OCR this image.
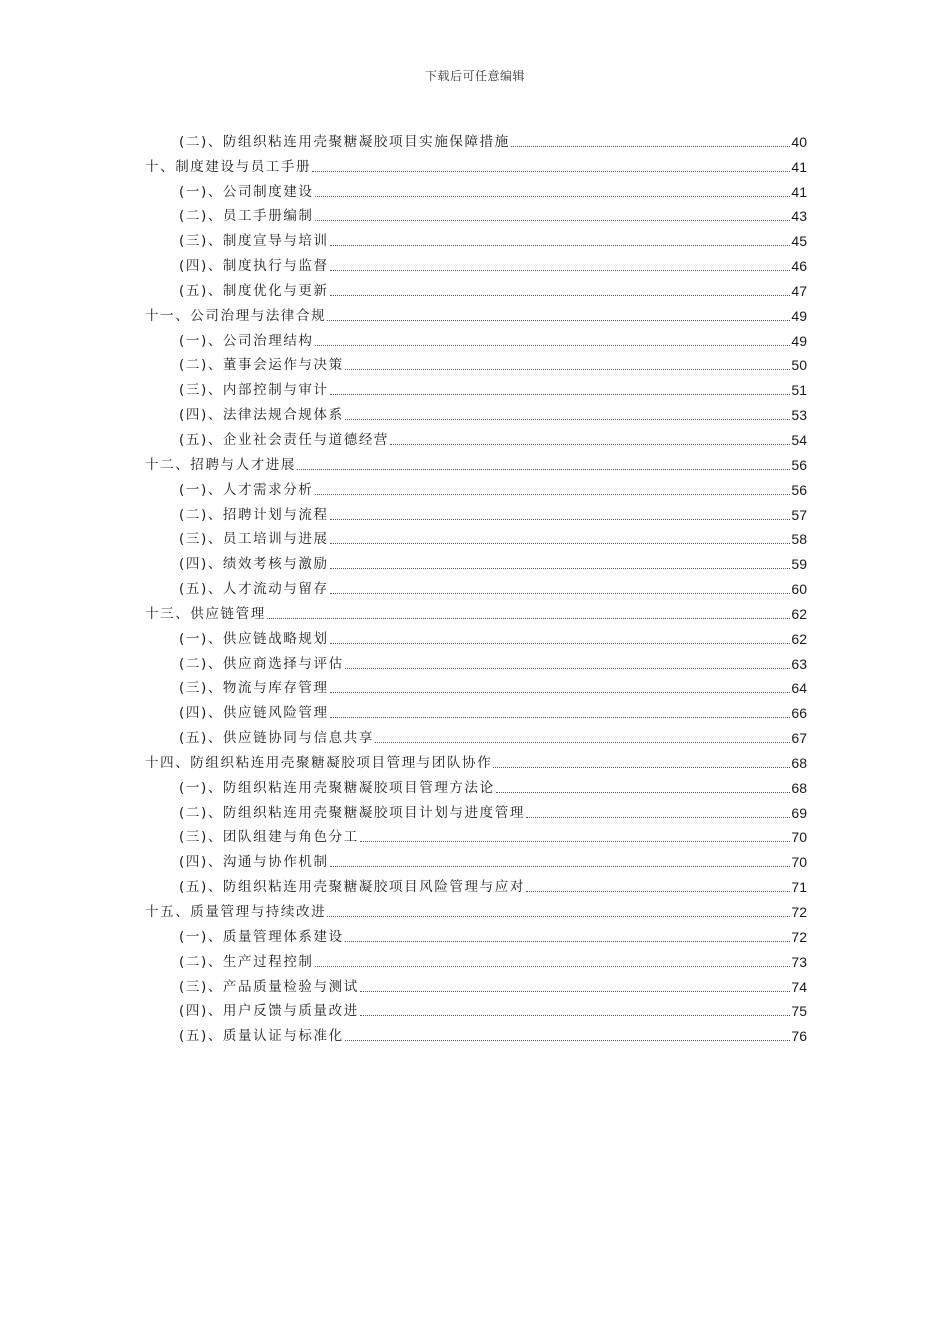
下载后可任意编辑
(二)、防组织粘连用壳聚糖凝胶项目实施保障措施	40
十、制度建设与员工手册	41
(一)、公司制度建设	41
(二)、员工手册编制	43
(三)、制度宣导与培训	45
(四)、制度执行与监督	46
(五)、制度优化与更新	47
十一、公司治理与法律合规	49
(一)、公司治理结构	49
(二)、董事会运作与决策	50
(三)、内部控制与审计	51
(四)、法律法规合规体系	53
(五)、企业社会责任与道德经营	54
十二、招聘与人才进展	56
(一)、人才需求分析	56
(二)、招聘计划与流程	57
(三)、员工培训与进展	58
(四)、绩效考核与激励	59
(五)、人才流动与留存	60
十三、供应链管理	62
(一)、供应链战略规划	62
(二)、供应商选择与评估	63
(三)、物流与库存管理	64
(四)、供应链风险管理	66
(五)、供应链协同与信息共享	67
十四、防组织粘连用壳聚糖凝胶项目管理与团队协作	68
(一)、防组织粘连用壳聚糖凝胶项目管理方法论	68
(二)、防组织粘连用壳聚糖凝胶项目计划与进度管理	69
(三)、团队组建与角色分工	70
(四)、沟通与协作机制	70
(五)、防组织粘连用壳聚糖凝胶项目风险管理与应对	71
十五、质量管理与持续改进	72
(一)、质量管理体系建设	72
(二)、生产过程控制	73
(三)、产品质量检验与测试	74
(四)、用户反馈与质量改进	75
(五)、质量认证与标准化	76
